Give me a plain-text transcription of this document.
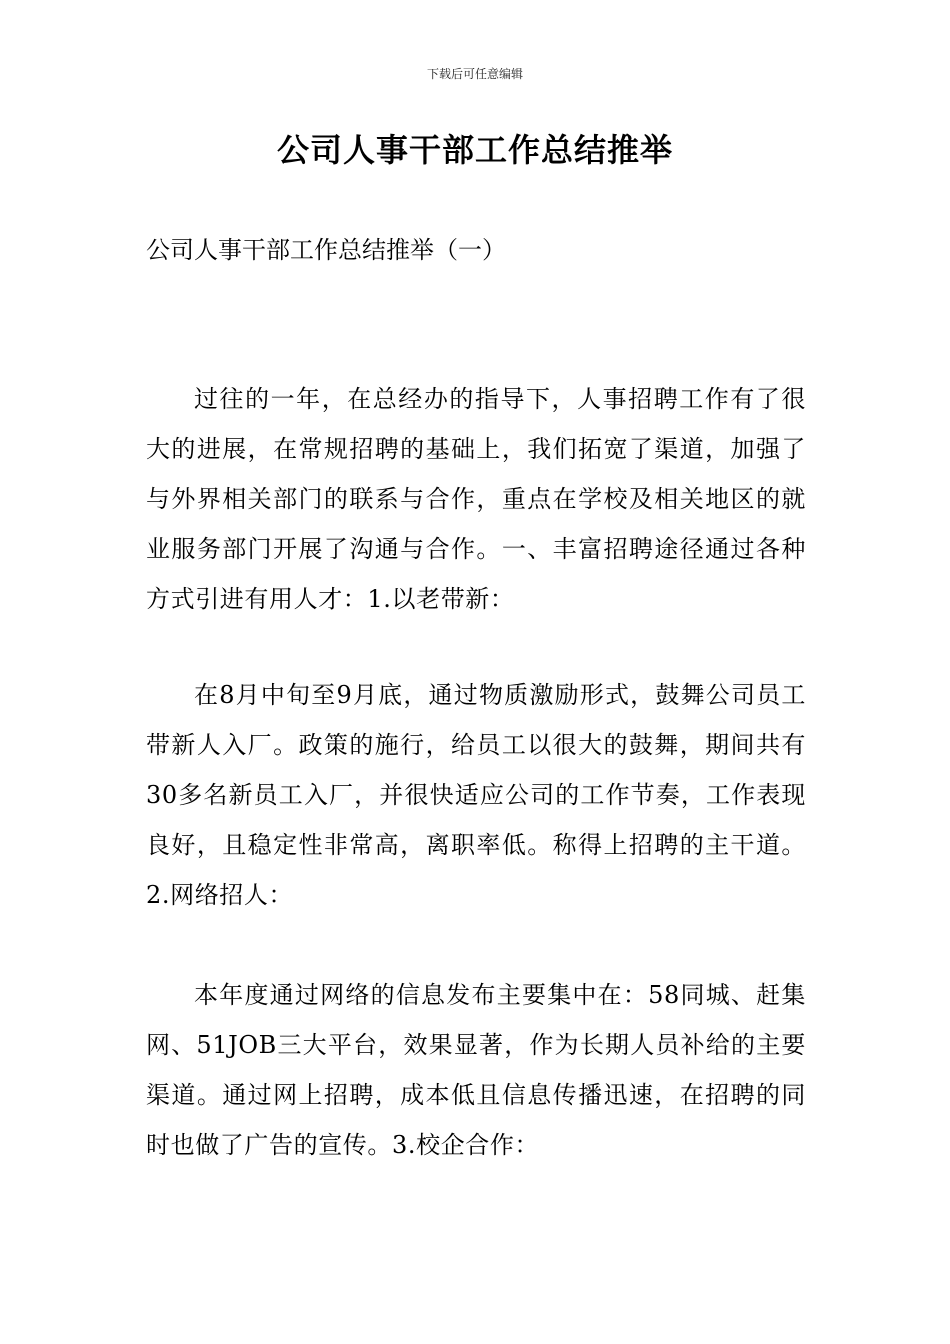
下载后可任意编辑
公司人事干部工作总结推举
公司人事干部工作总结推举（一）

过往的一年，在总经办的指导下，人事招聘工作有了很大的进展，在常规招聘的基础上，我们拓宽了渠道，加强了与外界相关部门的联系与合作，重点在学校及相关地区的就业服务部门开展了沟通与合作。一、丰富招聘途径通过各种方式引进有用人才：1.以老带新：

在8月中旬至9月底，通过物质激励形式，鼓舞公司员工带新人入厂。政策的施行，给员工以很大的鼓舞，期间共有30多名新员工入厂，并很快适应公司的工作节奏，工作表现良好，且稳定性非常高，离职率低。称得上招聘的主干道。2.网络招人：

本年度通过网络的信息发布主要集中在：58同城、赶集网、51JOB三大平台，效果显著，作为长期人员补给的主要渠道。通过网上招聘，成本低且信息传播迅速，在招聘的同时也做了广告的宣传。3.校企合作：
